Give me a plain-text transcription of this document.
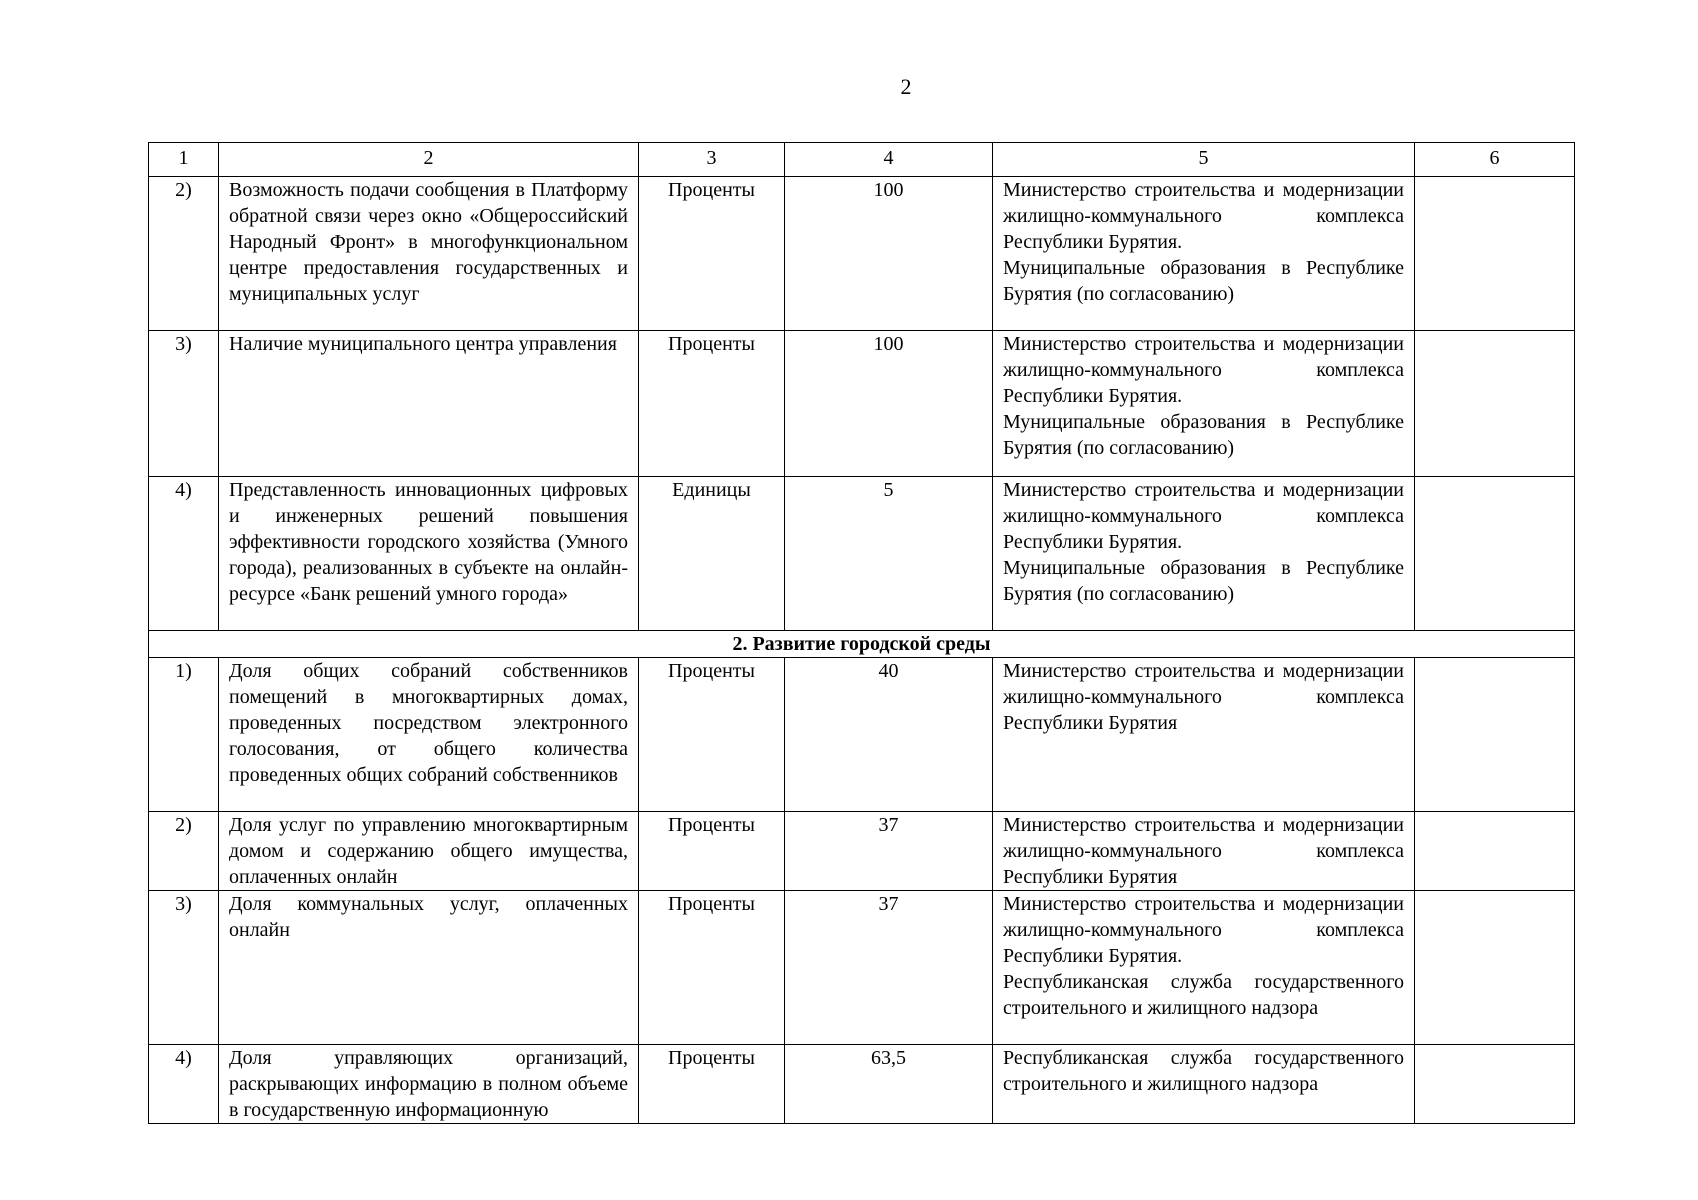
2
1	2	3	4	5	6
2)	Возможность подачи сообщения в Платформу обратной связи через окно «Общероссийский Народный Фронт» в многофункциональном центре предоставления государственных и муниципальных услуг	Проценты	100	Министерство строительства и модернизации жилищно-коммунального комплекса Республики Бурятия.
Муниципальные образования в Республике Бурятия (по согласованию)	

3)	Наличие муниципального центра управления	Проценты	100	Министерство строительства и модернизации жилищно-коммунального комплекса Республики Бурятия.
Муниципальные образования в Республике Бурятия (по согласованию)	

4)	Представленность инновационных цифровых и инженерных решений повышения эффективности городского хозяйства (Умного города), реализованных в субъекте на онлайн-ресурсе «Банк решений умного города»	Единицы	5	Министерство строительства и модернизации жилищно-коммунального комплекса Республики Бурятия.
Муниципальные образования в Республике Бурятия (по согласованию)	

2. Развитие городской среды					
1)	Доля общих собраний собственников помещений в многоквартирных домах, проведенных посредством электронного голосования, от общего количества проведенных общих собраний собственников	Проценты	40	Министерство строительства и модернизации жилищно-коммунального комплекса Республики Бурятия	

2)	Доля услуг по управлению многоквартирным домом и содержанию общего имущества, оплаченных онлайн	Проценты	37	Министерство строительства и модернизации жилищно-коммунального комплекса Республики Бурятия	

3)	Доля коммунальных услуг, оплаченных онлайн	Проценты	37	Министерство строительства и модернизации жилищно-коммунального комплекса Республики Бурятия.
Республиканская служба государственного строительного и жилищного надзора	

4)	Доля управляющих организаций, раскрывающих информацию в полном объеме в государственную информационную	Проценты	63,5	Республиканская служба государственного строительного и жилищного надзора	
